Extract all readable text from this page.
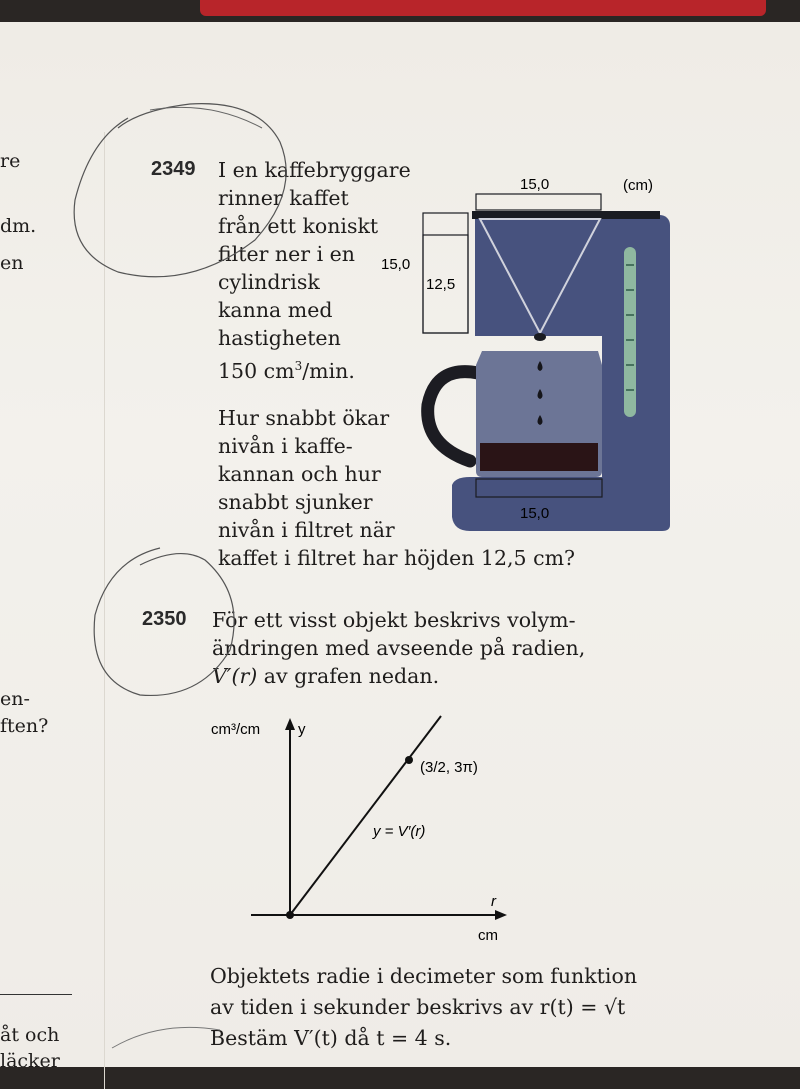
re
dm.
en
en-
ften?
åt och
läcker
2349 I en kaffebryggare
rinner kaffet
från ett koniskt
filter ner i en
cylindrisk
kanna med
hastigheten
150 $cm^3/\min$.
Hur snabbt ökar
nivån i kaffe-
kannan och hur
snabbt sjunker
nivån i filtret när
kaffet i filtret har höjden 12,5 cm?
15,0	(cm)
15,0
12,5
15,0
2350 För ett visst objekt beskrivs volym-
ändringen med avseende på radien,
V′(r) av grafen nedan.
cm³/cm	y
(3/2, 3π)
y = V′(r)
r
cm
Objektets radie i decimeter som funktion
av tiden i sekunder beskrivs av r(t) = √t
Bestäm V′(t) då t = 4 s.
